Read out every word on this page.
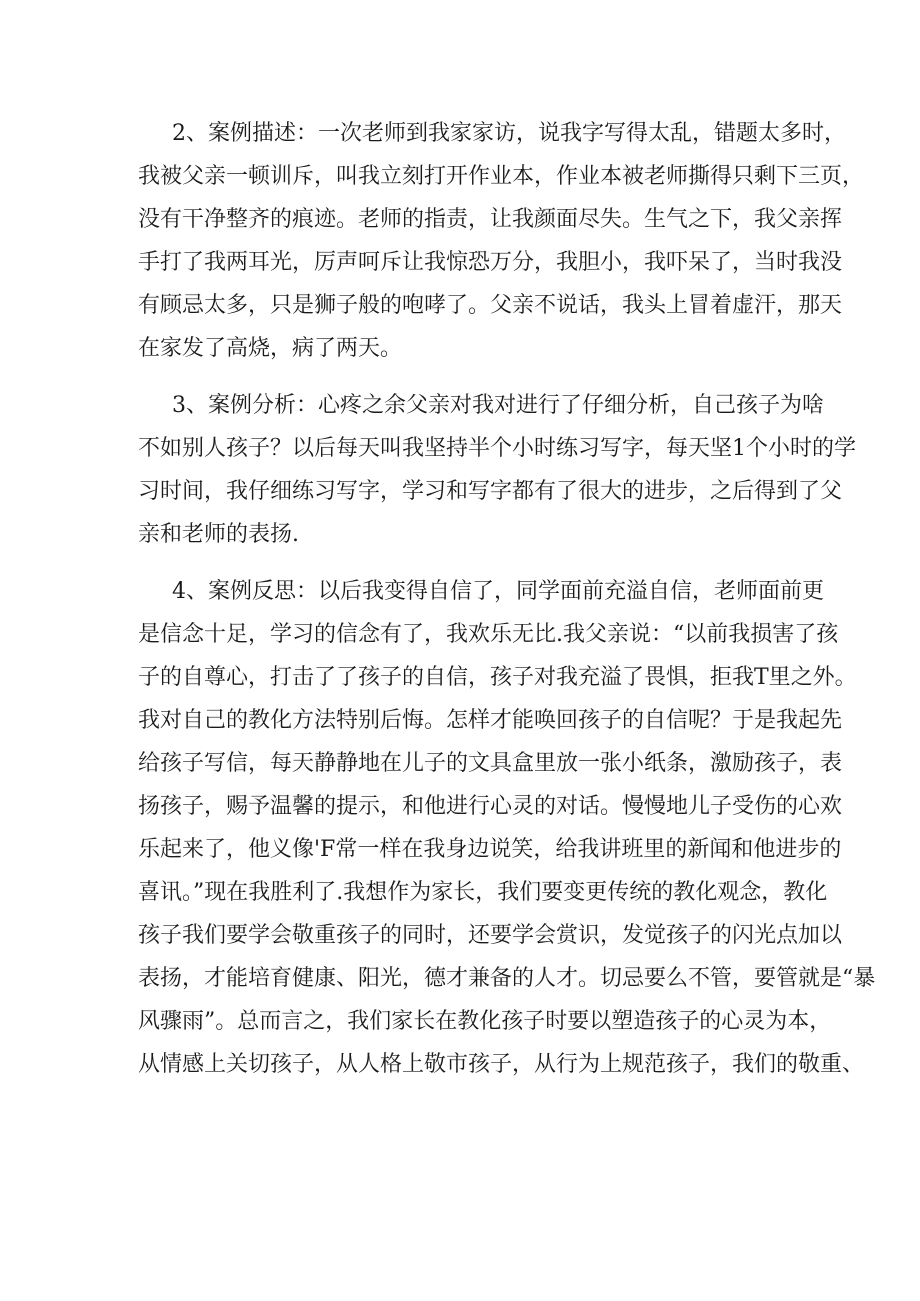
2、案例描述：一次老师到我家家访，说我字写得太乱，错题太多时，
我被父亲一顿训斥，叫我立刻打开作业本，作业本被老师撕得只剩下三页，
没有干净整齐的痕迹。老师的指责，让我颜面尽失。生气之下，我父亲挥
手打了我两耳光，厉声呵斥让我惊恐万分，我胆小，我吓呆了，当时我没
有顾忌太多，只是狮子般的咆哮了。父亲不说话，我头上冒着虚汗，那天
在家发了高烧，病了两天。
3、案例分析：心疼之余父亲对我对进行了仔细分析，自己孩子为啥
不如别人孩子？以后每天叫我坚持半个小时练习写字，每天坚1个小时的学
习时间，我仔细练习写字，学习和写字都有了很大的进步，之后得到了父
亲和老师的表扬.
4、案例反思：以后我变得自信了，同学面前充溢自信，老师面前更
是信念十足，学习的信念有了，我欢乐无比.我父亲说：“以前我损害了孩
子的自尊心，打击了了孩子的自信，孩子对我充溢了畏惧，拒我T里之外。
我对自己的教化方法特别后悔。怎样才能唤回孩子的自信呢？于是我起先
给孩子写信，每天静静地在儿子的文具盒里放一张小纸条，激励孩子，表
扬孩子，赐予温馨的提示，和他进行心灵的对话。慢慢地儿子受伤的心欢
乐起来了，他义像'F常一样在我身边说笑，给我讲班里的新闻和他进步的
喜讯。”现在我胜利了.我想作为家长，我们要变更传统的教化观念，教化
孩子我们要学会敬重孩子的同时，还要学会赏识，发觉孩子的闪光点加以
表扬，才能培育健康、阳光，德才兼备的人才。切忌要么不管，要管就是“暴
风骤雨”。总而言之，我们家长在教化孩子时要以塑造孩子的心灵为本，
从情感上关切孩子，从人格上敬市孩子，从行为上规范孩子，我们的敬重、
